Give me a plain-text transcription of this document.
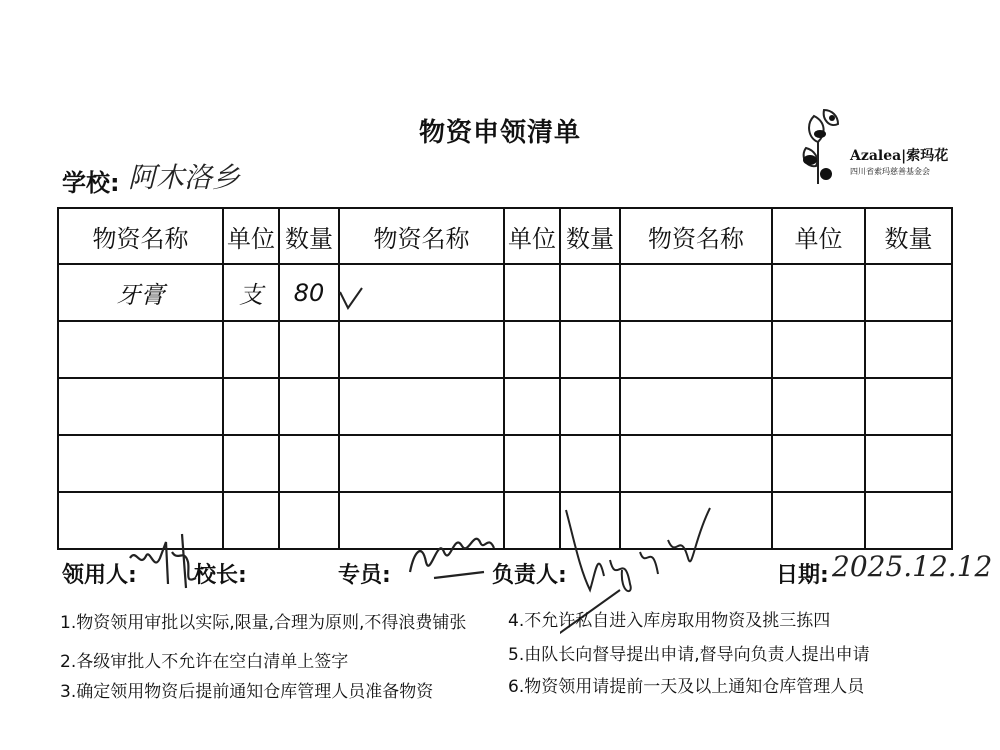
物资申领清单
学校: 阿木洛乡
Azalea|索玛花
四川省索玛慈善基金会
物资名称	单位	数量	物资名称	单位	数量	物资名称	单位	数量
牙膏	支	80						

领用人:	校长:	专员:	负责人:	日期: 2025.12.12
1.物资领用审批以实际,限量,合理为原则,不得浪费铺张
2.各级审批人不允许在空白清单上签字
3.确定领用物资后提前通知仓库管理人员准备物资
4.不允许私自进入库房取用物资及挑三拣四
5.由队长向督导提出申请,督导向负责人提出申请
6.物资领用请提前一天及以上通知仓库管理人员
